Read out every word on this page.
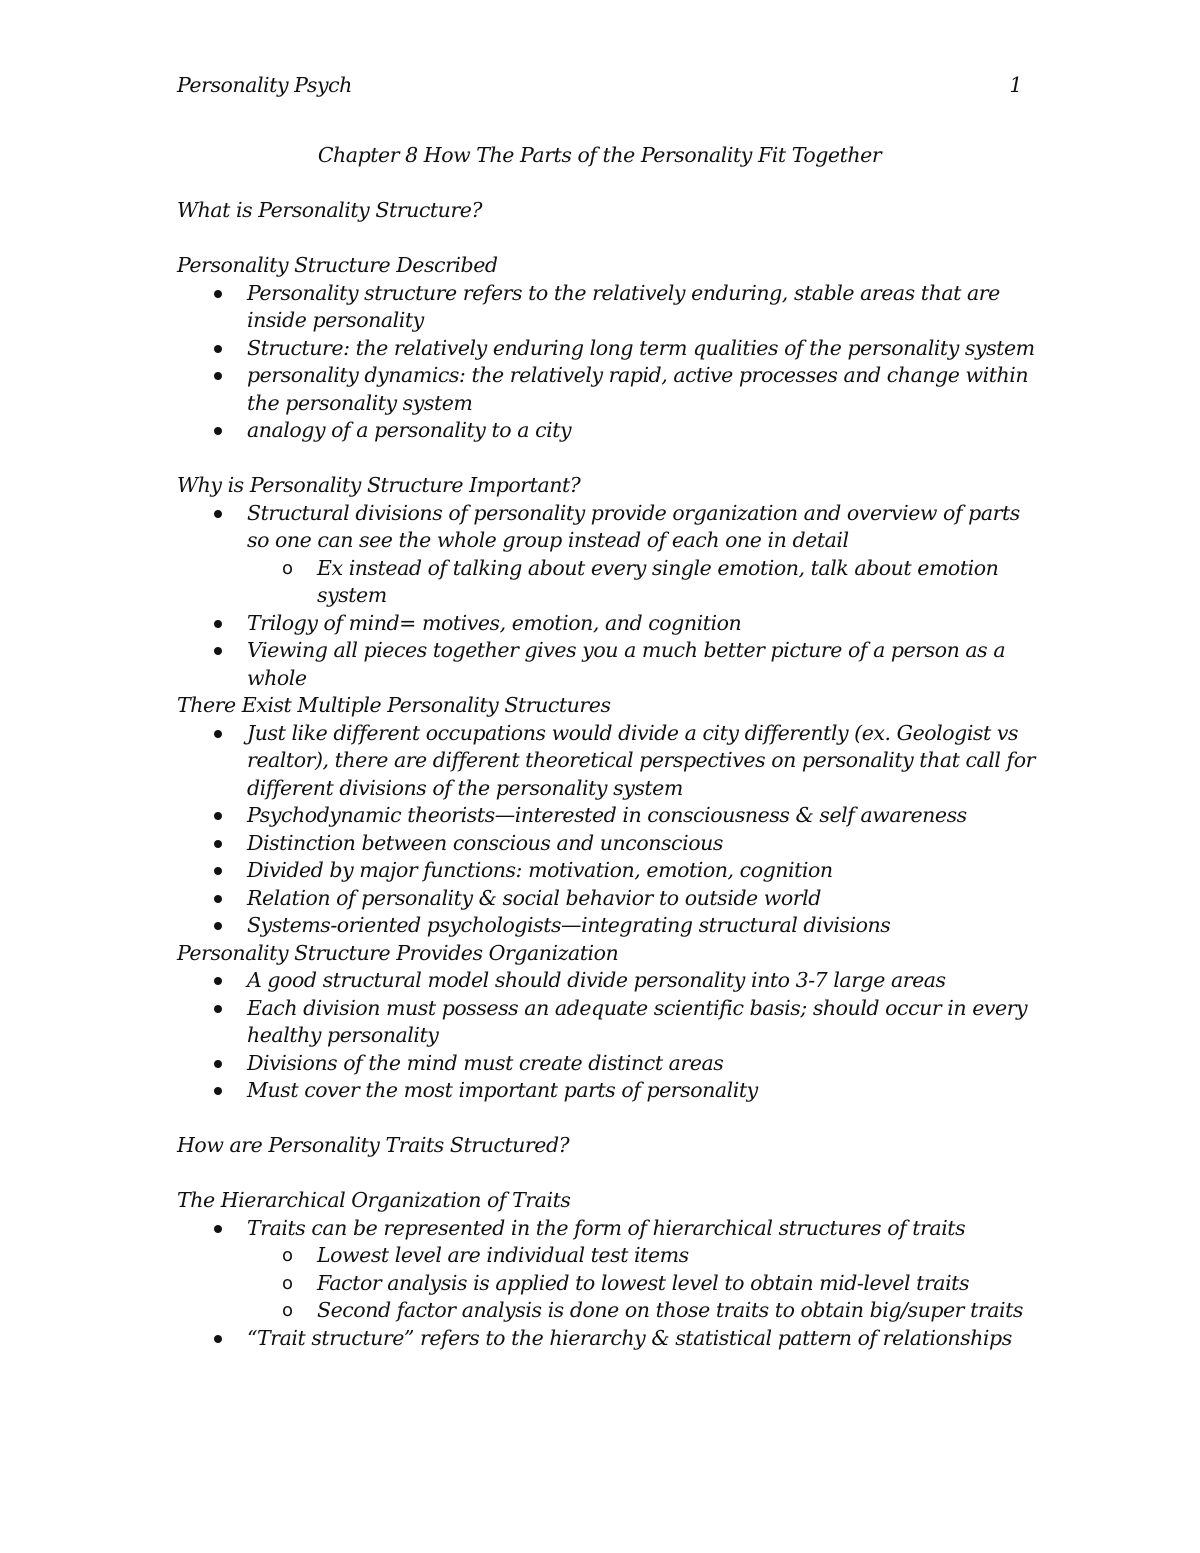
Personality Psych	1

Chapter 8 How The Parts of the Personality Fit Together

What is Personality Structure?

Personality Structure Described

Personality structure refers to the relatively enduring, stable areas that are inside personality
Structure: the relatively enduring long term qualities of the personality system
personality dynamics: the relatively rapid, active processes and change within the personality system
analogy of a personality to a city

Why is Personality Structure Important?

Structural divisions of personality provide organization and overview of parts so one can see the whole group instead of each one in detail
o Ex instead of talking about every single emotion, talk about emotion system
Trilogy of mind= motives, emotion, and cognition
Viewing all pieces together gives you a much better picture of a person as a whole

There Exist Multiple Personality Structures

Just like different occupations would divide a city differently (ex. Geologist vs realtor), there are different theoretical perspectives on personality that call for different divisions of the personality system
Psychodynamic theorists—interested in consciousness & self awareness
Distinction between conscious and unconscious
Divided by major functions: motivation, emotion, cognition
Relation of personality & social behavior to outside world
Systems-oriented psychologists—integrating structural divisions

Personality Structure Provides Organization

A good structural model should divide personality into 3-7 large areas
Each division must possess an adequate scientific basis; should occur in every healthy personality
Divisions of the mind must create distinct areas
Must cover the most important parts of personality

How are Personality Traits Structured?

The Hierarchical Organization of Traits

Traits can be represented in the form of hierarchical structures of traits
o Lowest level are individual test items
o Factor analysis is applied to lowest level to obtain mid-level traits
o Second factor analysis is done on those traits to obtain big/super traits
“Trait structure” refers to the hierarchy & statistical pattern of relationships
